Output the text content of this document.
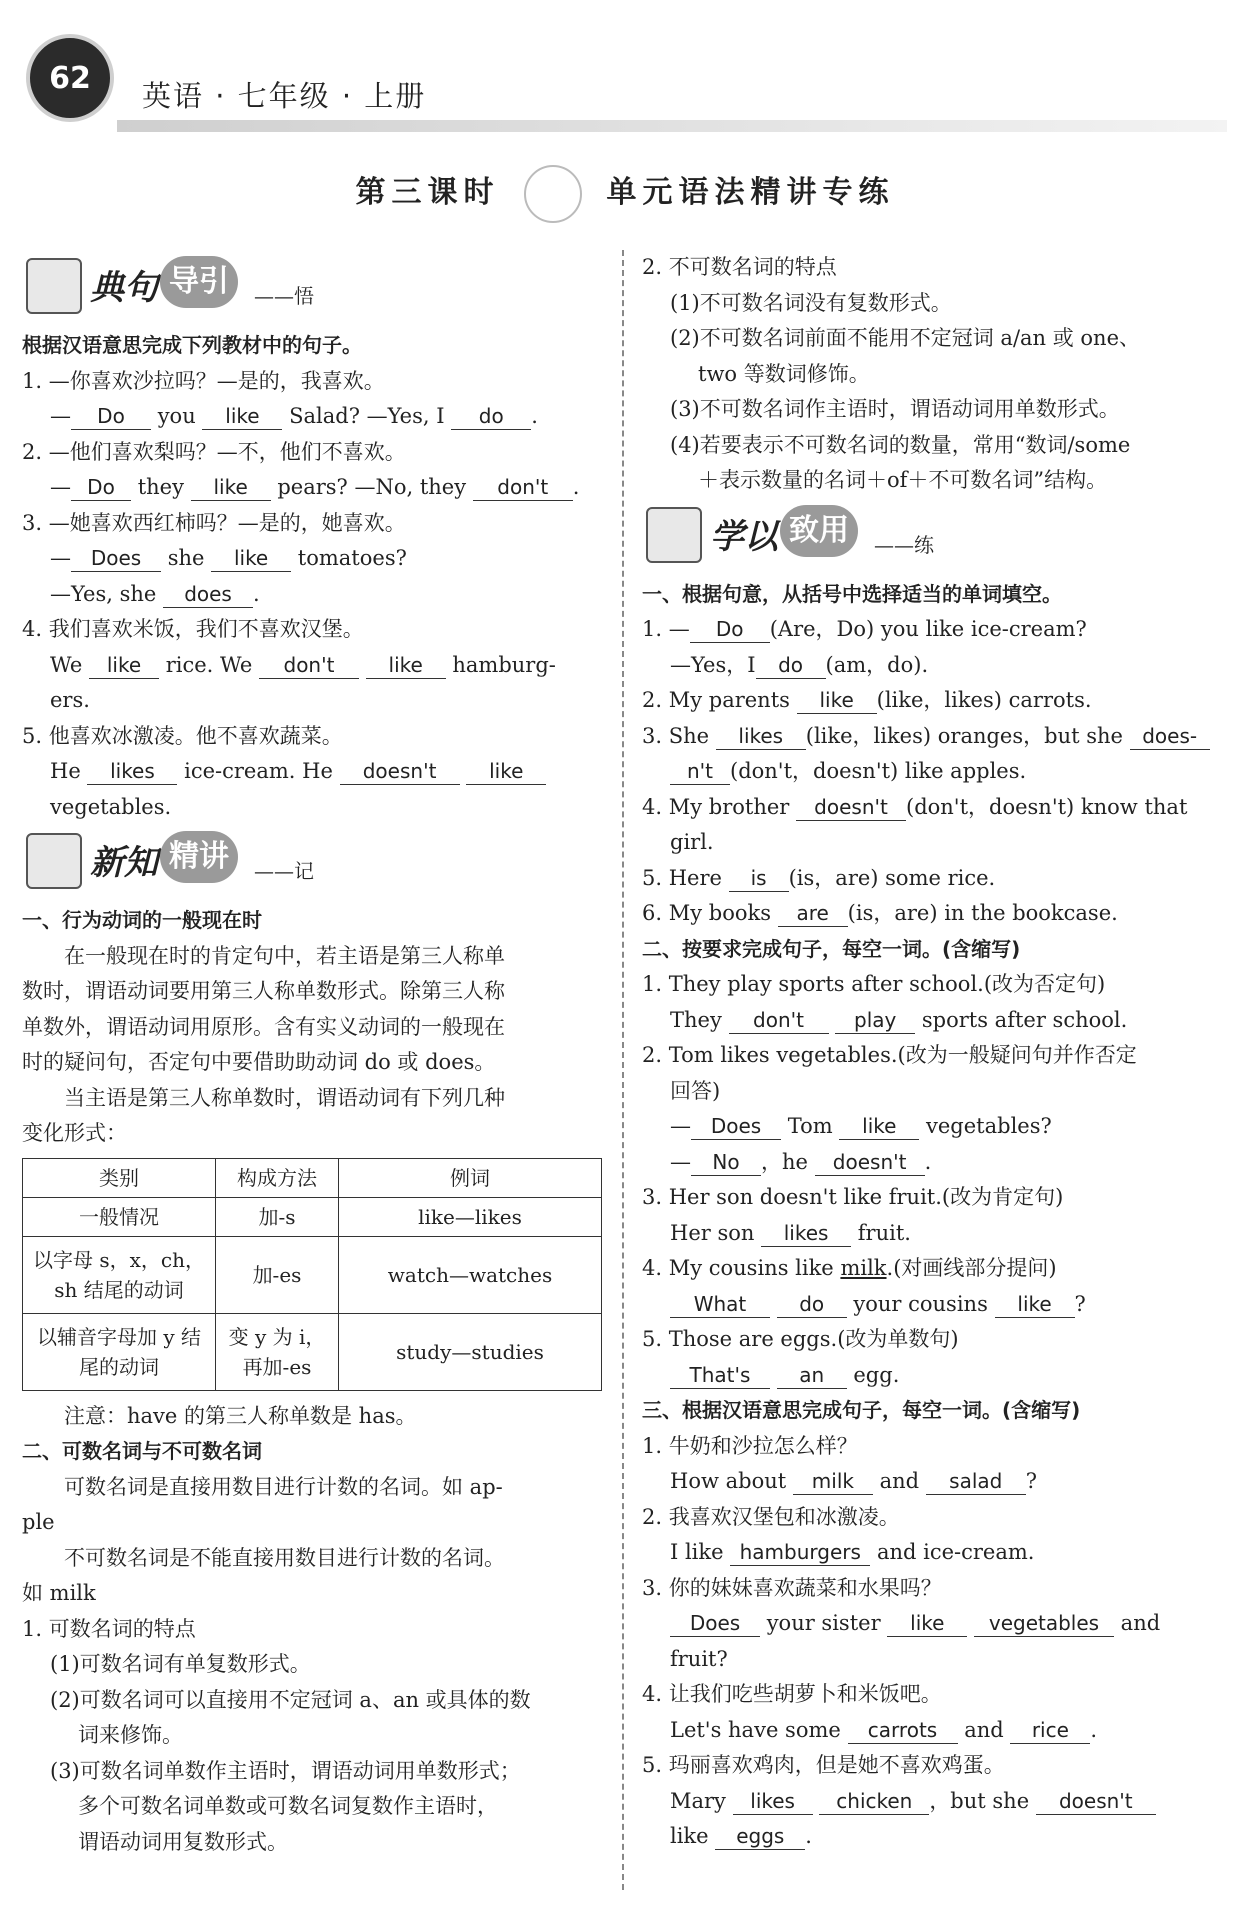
62
英语 · 七年级 · 上册
第三课时	单元语法精讲专练
典句 导引	——悟
根据汉语意思完成下列教材中的句子。
1. —你喜欢沙拉吗？—是的，我喜欢。
— Do you like Salad? —Yes, I do .
2. —他们喜欢梨吗？—不，他们不喜欢。
— Do they like pears? —No, they don't .
3. —她喜欢西红柿吗？—是的，她喜欢。
— Does she like tomatoes?
—Yes, she does .
4. 我们喜欢米饭，我们不喜欢汉堡。
We like rice. We don't	like hamburg-
ers.
5. 他喜欢冰激凌。他不喜欢蔬菜。
He likes ice-cream. He doesn't	like
vegetables.
新知 精讲	——记
一、行为动词的一般现在时
在一般现在时的肯定句中，若主语是第三人称单
数时，谓语动词要用第三人称单数形式。除第三人称
单数外，谓语动词用原形。含有实义动词的一般现在
时的疑问句，否定句中要借助助动词 do 或 does。
当主语是第三人称单数时，谓语动词有下列几种
变化形式：
类别	构成方法	例词
一般情况	加-s	like—likes
以字母 s，x，ch，sh 结尾的动词	加-es	watch—watches
以辅音字母加 y 结尾的动词	变 y 为 i，再加-es	study—studies
注意：have 的第三人称单数是 has。
二、可数名词与不可数名词
可数名词是直接用数目进行计数的名词。如 ap-
ple
不可数名词是不能直接用数目进行计数的名词。
如 milk
1. 可数名词的特点
(1)可数名词有单复数形式。
(2)可数名词可以直接用不定冠词 a、an 或具体的数
词来修饰。
(3)可数名词单数作主语时，谓语动词用单数形式；
多个可数名词单数或可数名词复数作主语时，
谓语动词用复数形式。
2. 不可数名词的特点
(1)不可数名词没有复数形式。
(2)不可数名词前面不能用不定冠词 a/an 或 one、
two 等数词修饰。
(3)不可数名词作主语时，谓语动词用单数形式。
(4)若要表示不可数名词的数量，常用“数词/some
＋表示数量的名词＋of＋不可数名词”结构。
学以 致用	——练
一、根据句意，从括号中选择适当的单词填空。
1. — Do (Are，Do) you like ice-cream?
—Yes，I do (am，do).
2. My parents like (like，likes) carrots.
3. She likes (like，likes) oranges，but she does-
n't (don't，doesn't) like apples.
4. My brother doesn't (don't，doesn't) know that
girl.
5. Here is (is，are) some rice.
6. My books are (is，are) in the bookcase.
二、按要求完成句子，每空一词。(含缩写)
1. They play sports after school.(改为否定句)
They don't	play sports after school.
2. Tom likes vegetables.(改为一般疑问句并作否定
回答)
— Does Tom like vegetables?
— No ，he doesn't .
3. Her son doesn't like fruit.(改为肯定句)
Her son likes fruit.
4. My cousins like milk.(对画线部分提问)
What	do your cousins like ?
5. Those are eggs.(改为单数句)
That's an egg.
三、根据汉语意思完成句子，每空一词。(含缩写)
1. 牛奶和沙拉怎么样？
How about milk and salad ?
2. 我喜欢汉堡包和冰激凌。
I like hamburgers and ice-cream.
3. 你的妹妹喜欢蔬菜和水果吗？
Does your sister like vegetables and
fruit?
4. 让我们吃些胡萝卜和米饭吧。
Let's have some carrots and rice .
5. 玛丽喜欢鸡肉，但是她不喜欢鸡蛋。
Mary likes chicken ，but she doesn't
like eggs .
